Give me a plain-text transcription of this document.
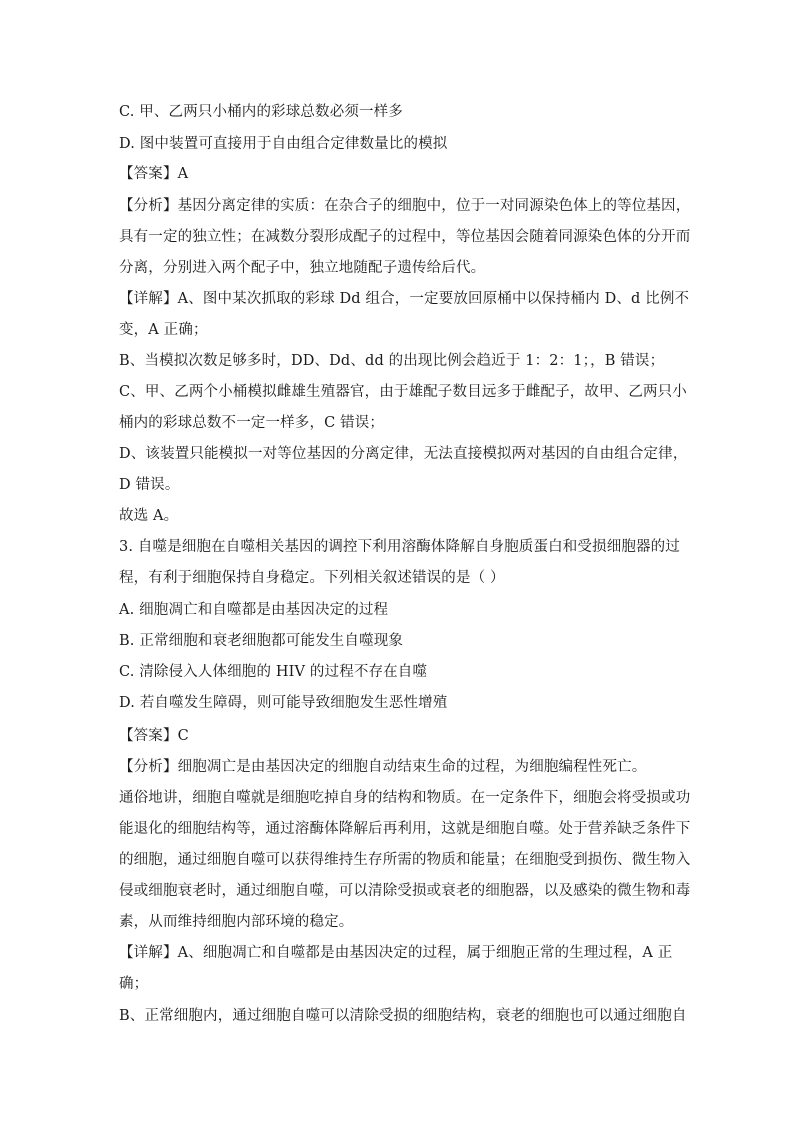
C. 甲、乙两只小桶内的彩球总数必须一样多
D. 图中装置可直接用于自由组合定律数量比的模拟
【答案】A
【分析】基因分离定律的实质：在杂合子的细胞中，位于一对同源染色体上的等位基因，
具有一定的独立性；在减数分裂形成配子的过程中，等位基因会随着同源染色体的分开而
分离，分别进入两个配子中，独立地随配子遗传给后代。
【详解】A、图中某次抓取的彩球 Dd 组合，一定要放回原桶中以保持桶内 D、d 比例不
变，A 正确；
B、当模拟次数足够多时，DD、Dd、dd 的出现比例会趋近于 1：2：1；，B 错误；
C、甲、乙两个小桶模拟雌雄生殖器官，由于雄配子数目远多于雌配子，故甲、乙两只小
桶内的彩球总数不一定一样多，C 错误；
D、该装置只能模拟一对等位基因的分离定律，无法直接模拟两对基因的自由组合定律，
D 错误。
故选 A。
3. 自噬是细胞在自噬相关基因的调控下利用溶酶体降解自身胞质蛋白和受损细胞器的过
程，有利于细胞保持自身稳定。下列相关叙述错误的是（ ）
A. 细胞凋亡和自噬都是由基因决定的过程
B. 正常细胞和衰老细胞都可能发生自噬现象
C. 清除侵入人体细胞的 HIV 的过程不存在自噬
D. 若自噬发生障碍，则可能导致细胞发生恶性增殖
【答案】C
【分析】细胞凋亡是由基因决定的细胞自动结束生命的过程，为细胞编程性死亡。
通俗地讲，细胞自噬就是细胞吃掉自身的结构和物质。在一定条件下，细胞会将受损或功
能退化的细胞结构等，通过溶酶体降解后再利用，这就是细胞自噬。处于营养缺乏条件下
的细胞，通过细胞自噬可以获得维持生存所需的物质和能量；在细胞受到损伤、微生物入
侵或细胞衰老时，通过细胞自噬，可以清除受损或衰老的细胞器，以及感染的微生物和毒
素，从而维持细胞内部环境的稳定。
【详解】A、细胞凋亡和自噬都是由基因决定的过程，属于细胞正常的生理过程，A 正
确；
B、正常细胞内，通过细胞自噬可以清除受损的细胞结构，衰老的细胞也可以通过细胞自
